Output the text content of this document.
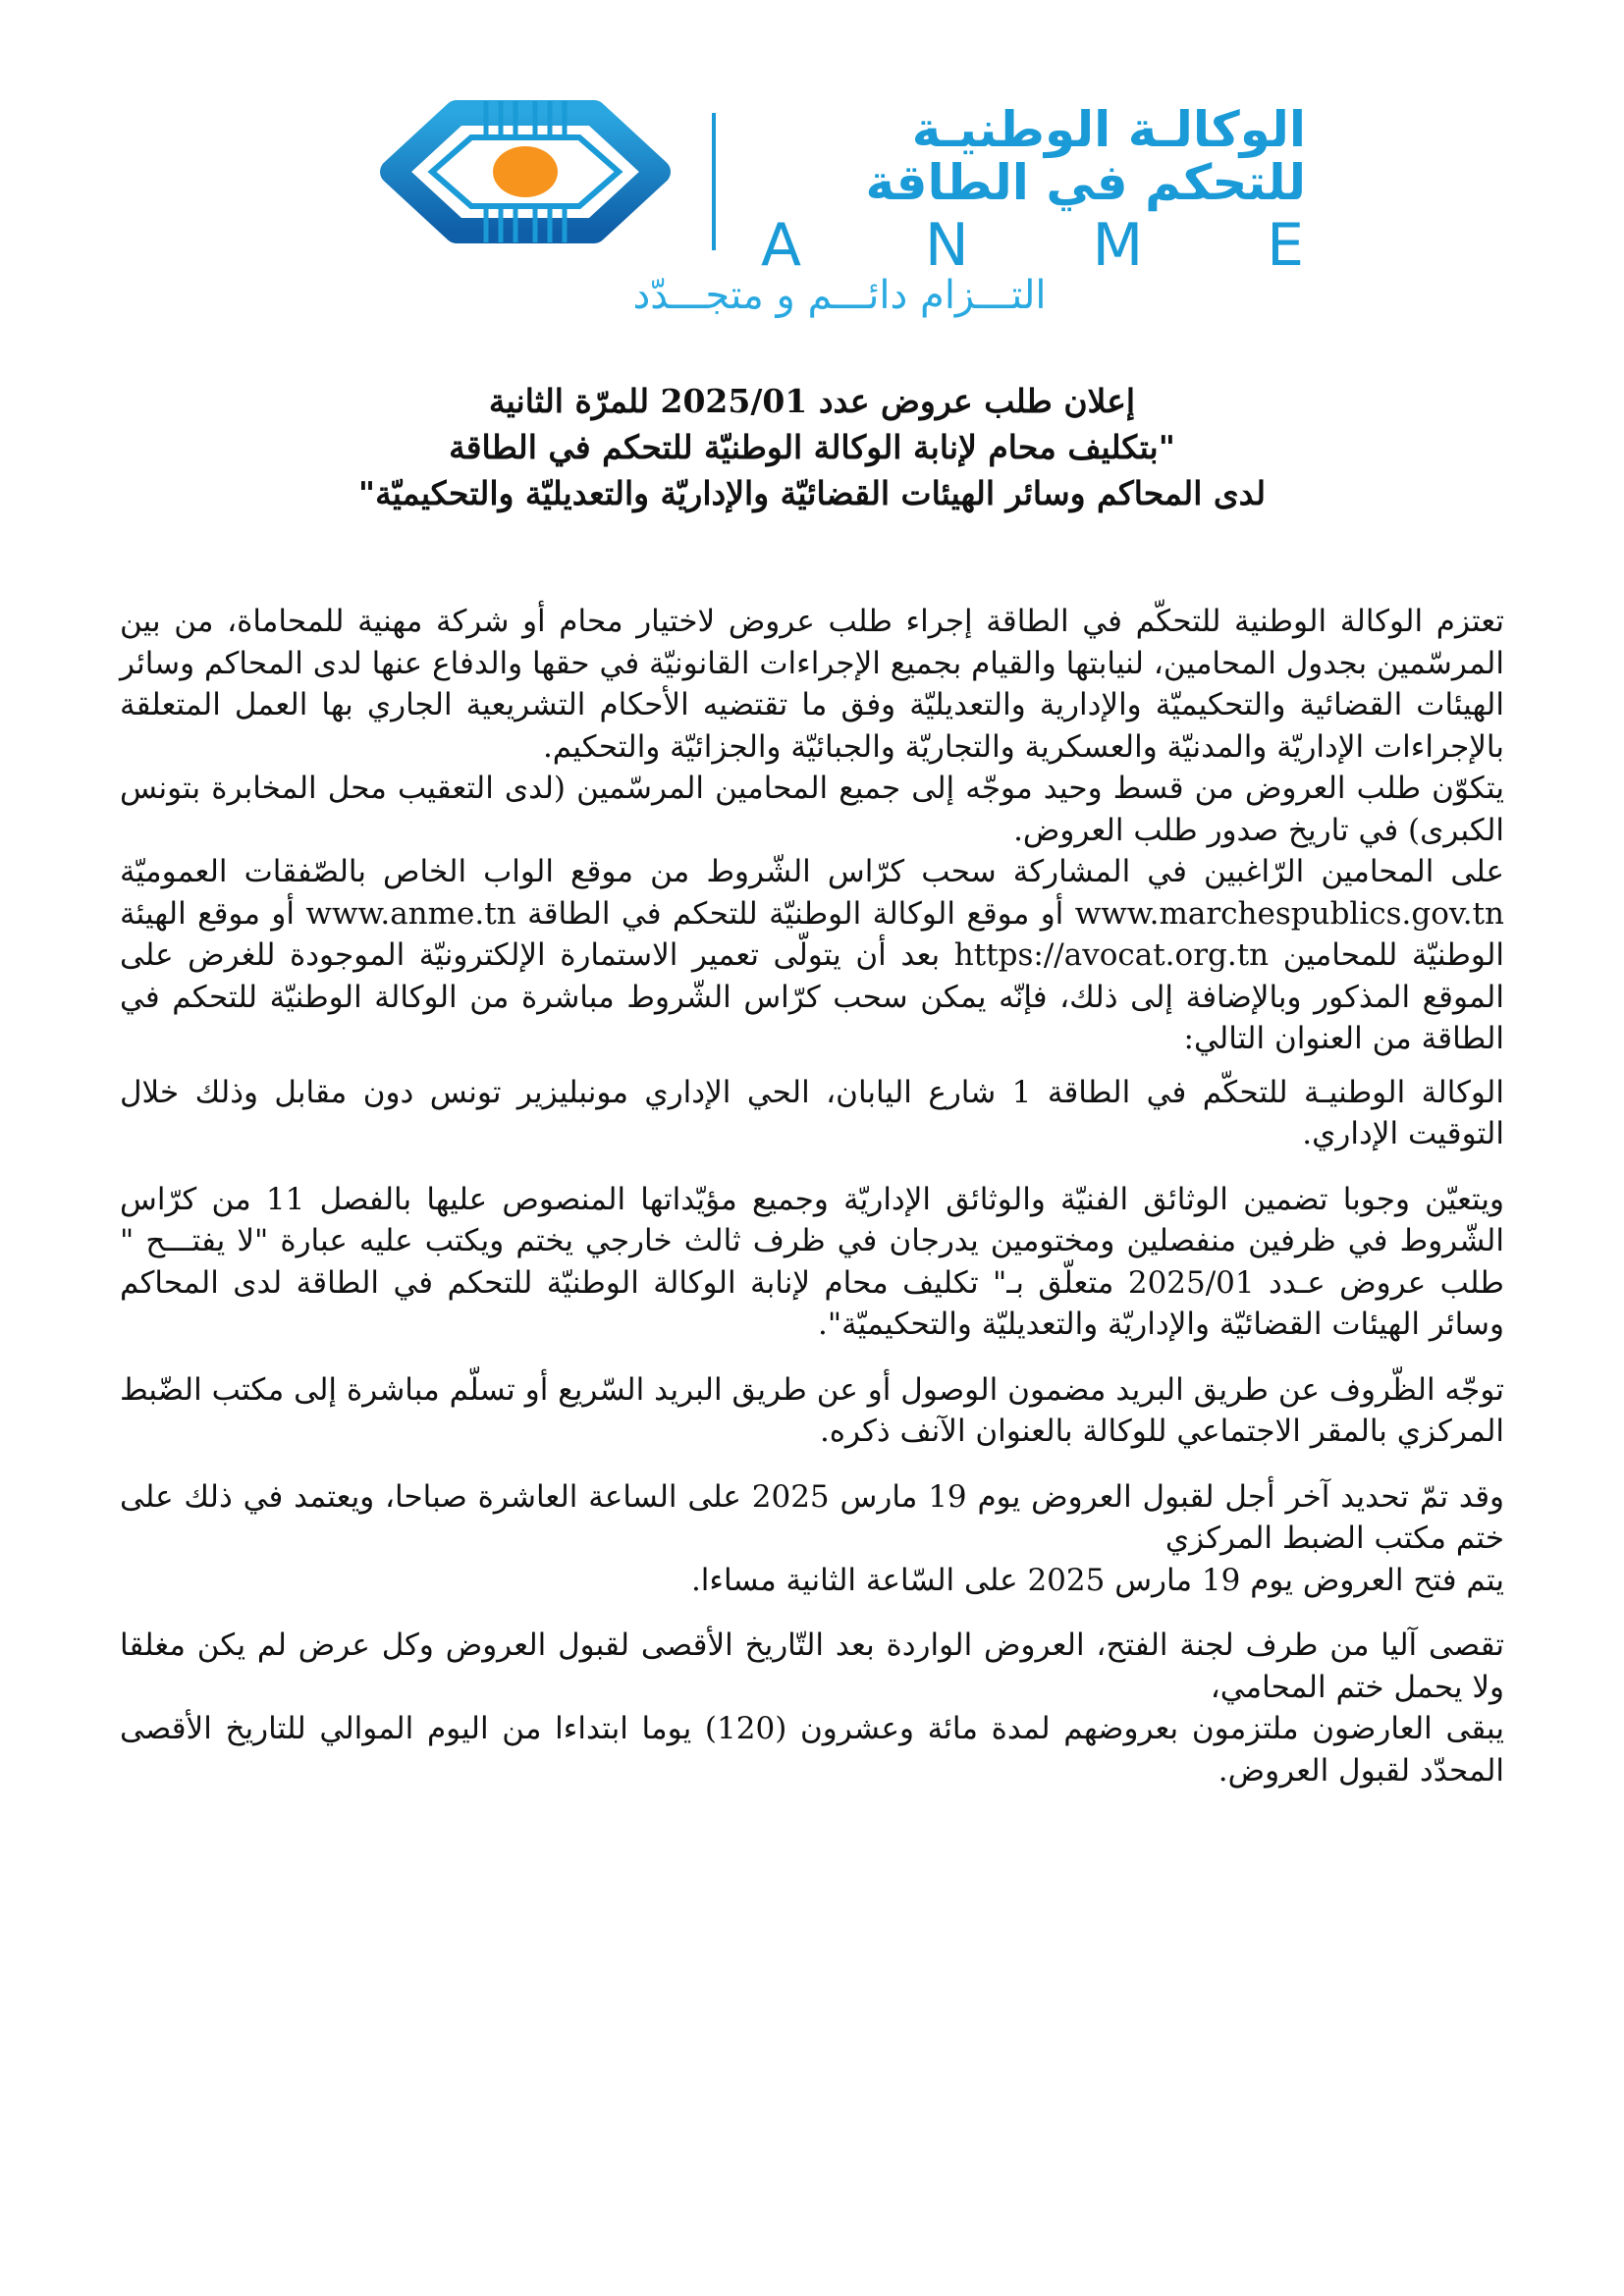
الوكالـة الوطنيـة
للتحكم في الطاقة
A N M E
التـــزام دائـــم و متجـــدّد
إعلان طلب عروض عدد 2025/01 للمرّة الثانية
"بتكليف محام لإنابة الوكالة الوطنيّة للتحكم في الطاقة
لدى المحاكم وسائر الهيئات القضائيّة والإداريّة والتعديليّة والتحكيميّة"

تعتزم الوكالة الوطنية للتحكّم في الطاقة إجراء طلب عروض لاختيار محام أو شركة مهنية للمحاماة، من بين المرسّمين بجدول المحامين، لنيابتها والقيام بجميع الإجراءات القانونيّة في حقها والدفاع عنها لدى المحاكم وسائر الهيئات القضائية والتحكيميّة والإدارية والتعديليّة وفق ما تقتضيه الأحكام التشريعية الجاري بها العمل المتعلقة بالإجراءات الإداريّة والمدنيّة والعسكرية والتجاريّة والجبائيّة والجزائيّة والتحكيم.

يتكوّن طلب العروض من قسط وحيد موجّه إلى جميع المحامين المرسّمين (لدى التعقيب محل المخابرة بتونس الكبرى) في تاريخ صدور طلب العروض.

على المحامين الرّاغبين في المشاركة سحب كرّاس الشّروط من موقع الواب الخاص بالصّفقات العموميّة www.marchespublics.gov.tn أو موقع الوكالة الوطنيّة للتحكم في الطاقة www.anme.tn أو موقع الهيئة الوطنيّة للمحامين https://avocat.org.tn بعد أن يتولّى تعمير الاستمارة الإلكترونيّة الموجودة للغرض على الموقع المذكور وبالإضافة إلى ذلك، فإنّه يمكن سحب كرّاس الشّروط مباشرة من الوكالة الوطنيّة للتحكم في الطاقة من العنوان التالي:

الوكالة الوطنيـة للتحكّم في الطاقة 1 شارع اليابان، الحي الإداري مونبليزير تونس دون مقابل وذلك خلال التوقيت الإداري.

ويتعيّن وجوبا تضمين الوثائق الفنيّة والوثائق الإداريّة وجميع مؤيّداتها المنصوص عليها بالفصل 11 من كرّاس الشّروط في ظرفين منفصلين ومختومين يدرجان في ظرف ثالث خارجي يختم ويكتب عليه عبارة "لا يفتـــح " طلب عروض عـدد 2025/01 متعلّق بـ" تكليف محام لإنابة الوكالة الوطنيّة للتحكم في الطاقة لدى المحاكم وسائر الهيئات القضائيّة والإداريّة والتعديليّة والتحكيميّة".

توجّه الظّروف عن طريق البريد مضمون الوصول أو عن طريق البريد السّريع أو تسلّم مباشرة إلى مكتب الضّبط المركزي بالمقر الاجتماعي للوكالة بالعنوان الآنف ذكره.

وقد تمّ تحديد آخر أجل لقبول العروض يوم 19 مارس 2025 على الساعة العاشرة صباحا، ويعتمد في ذلك على ختم مكتب الضبط المركزي

يتم فتح العروض يوم 19 مارس 2025 على السّاعة الثانية مساءا.

تقصى آليا من طرف لجنة الفتح، العروض الواردة بعد التّاريخ الأقصى لقبول العروض وكل عرض لم يكن مغلقا ولا يحمل ختم المحامي،

يبقى العارضون ملتزمون بعروضهم لمدة مائة وعشرون (120) يوما ابتداءا من اليوم الموالي للتاريخ الأقصى المحدّد لقبول العروض.
